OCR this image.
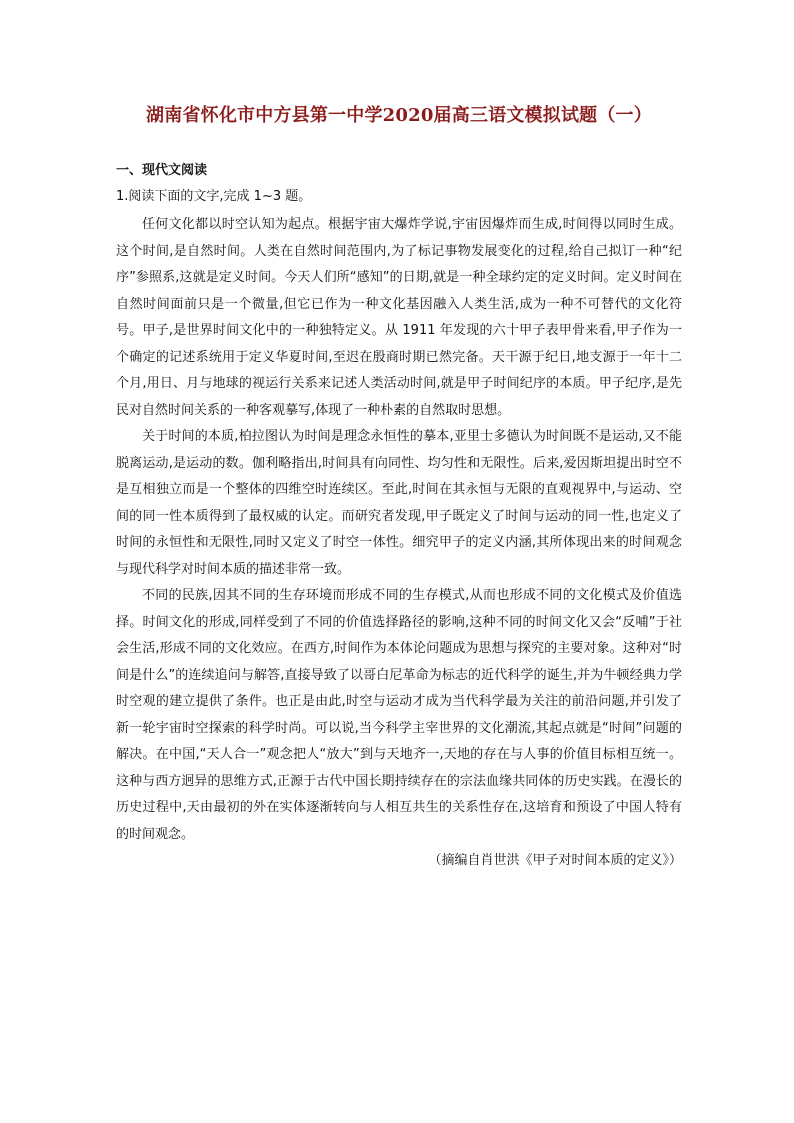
湖南省怀化市中方县第一中学2020届高三语文模拟试题（一）
一、现代文阅读
1.阅读下面的文字,完成 1~3 题。

任何文化都以时空认知为起点。根据宇宙大爆炸学说,宇宙因爆炸而生成,时间得以同时生成。这个时间,是自然时间。人类在自然时间范围内,为了标记事物发展变化的过程,给自己拟订一种“纪序”参照系,这就是定义时间。今天人们所“感知”的日期,就是一种全球约定的定义时间。定义时间在自然时间面前只是一个微量,但它已作为一种文化基因融入人类生活,成为一种不可替代的文化符号。甲子,是世界时间文化中的一种独特定义。从 1911 年发现的六十甲子表甲骨来看,甲子作为一个确定的记述系统用于定义华夏时间,至迟在殷商时期已然完备。天干源于纪日,地支源于一年十二个月,用日、月与地球的视运行关系来记述人类活动时间,就是甲子时间纪序的本质。甲子纪序,是先民对自然时间关系的一种客观摹写,体现了一种朴素的自然取时思想。

关于时间的本质,柏拉图认为时间是理念永恒性的摹本,亚里士多德认为时间既不是运动,又不能脱离运动,是运动的数。伽利略指出,时间具有向同性、均匀性和无限性。后来,爱因斯坦提出时空不是互相独立而是一个整体的四维空时连续区。至此,时间在其永恒与无限的直观视界中,与运动、空间的同一性本质得到了最权威的认定。而研究者发现,甲子既定义了时间与运动的同一性,也定义了时间的永恒性和无限性,同时又定义了时空一体性。细究甲子的定义内涵,其所体现出来的时间观念与现代科学对时间本质的描述非常一致。

不同的民族,因其不同的生存环境而形成不同的生存模式,从而也形成不同的文化模式及价值选择。时间文化的形成,同样受到了不同的价值选择路径的影响,这种不同的时间文化又会“反哺”于社会生活,形成不同的文化效应。在西方,时间作为本体论问题成为思想与探究的主要对象。这种对“时间是什么”的连续追问与解答,直接导致了以哥白尼革命为标志的近代科学的诞生,并为牛顿经典力学时空观的建立提供了条件。也正是由此,时空与运动才成为当代科学最为关注的前沿问题,并引发了新一轮宇宙时空探索的科学时尚。可以说,当今科学主宰世界的文化潮流,其起点就是“时间”问题的解决。在中国,“天人合一”观念把人“放大”到与天地齐一,天地的存在与人事的价值目标相互统一。这种与西方迥异的思维方式,正源于古代中国长期持续存在的宗法血缘共同体的历史实践。在漫长的历史过程中,天由最初的外在实体逐渐转向与人相互共生的关系性存在,这培育和预设了中国人特有的时间观念。

（摘编自肖世洪《甲子对时间本质的定义》）
